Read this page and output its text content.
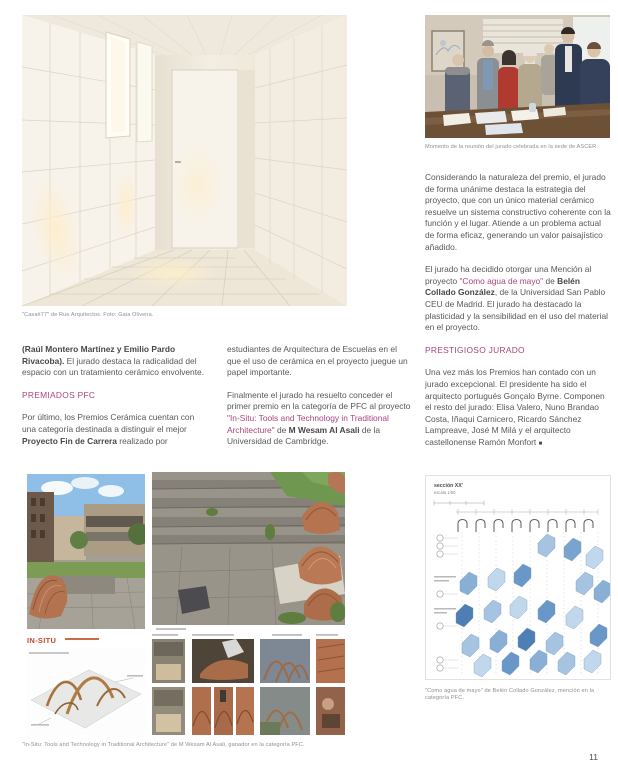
"Casa#77" de Rue Arquitectos. Foto: Gaia Oliveira.
Momento de la reunión del jurado celebrada en la sede de ASCER.

(Raúl Montero Martínez y Emilio Pardo Rivacoba). El jurado destaca la radicalidad del espacio con un tratamiento cerámico envolvente.

PREMIADOS PFC

Por último, los Premios Cerámica cuentan con una categoría destinada a distinguir el mejor Proyecto Fin de Carrera realizado por

estudiantes de Arquitectura de Escuelas en el que el uso de cerámica en el proyecto juegue un papel importante.

Finalmente el jurado ha resuelto conceder el primer premio en la categoría de PFC al proyecto "In-Situ: Tools and Technology in Traditional Architecture" de M Wesam Al Asali de la Universidad de Cambridge.

Considerando la naturaleza del premio, el jurado de forma unánime destaca la estrategia del proyecto, que con un único material cerámico resuelve un sistema constructivo coherente con la función y el lugar. Atiende a un problema actual de forma eficaz, generando un valor paisajístico añadido.

El jurado ha decidido otorgar una Mención al proyecto "Como agua de mayo" de Belén Collado González, de la Universidad San Pablo CEU de Madrid. El jurado ha destacado la plasticidad y la sensibilidad en el uso del material en el proyecto.

PRESTIGIOSO JURADO

Una vez más los Premios han contado con un jurado excepcional. El presidente ha sido el arquitecto portugués Gonçalo Byrne. Componen el resto del jurado: Elisa Valero, Nuno Brandao Costa, Iñaqui Carnicero, Ricardo Sánchez Lampreave, José M Milá y el arquitecto castellonense Ramón Monfort ■

IN-SITU
"In-Situ: Tools and Technology in Traditional Architecture" de M Wesam Al Asali, ganador en la categoría PFC.
sección XX'
escala 1/50
"Como agua de mayo" de Belén Collado González, mención en la categoría PFC.
11
